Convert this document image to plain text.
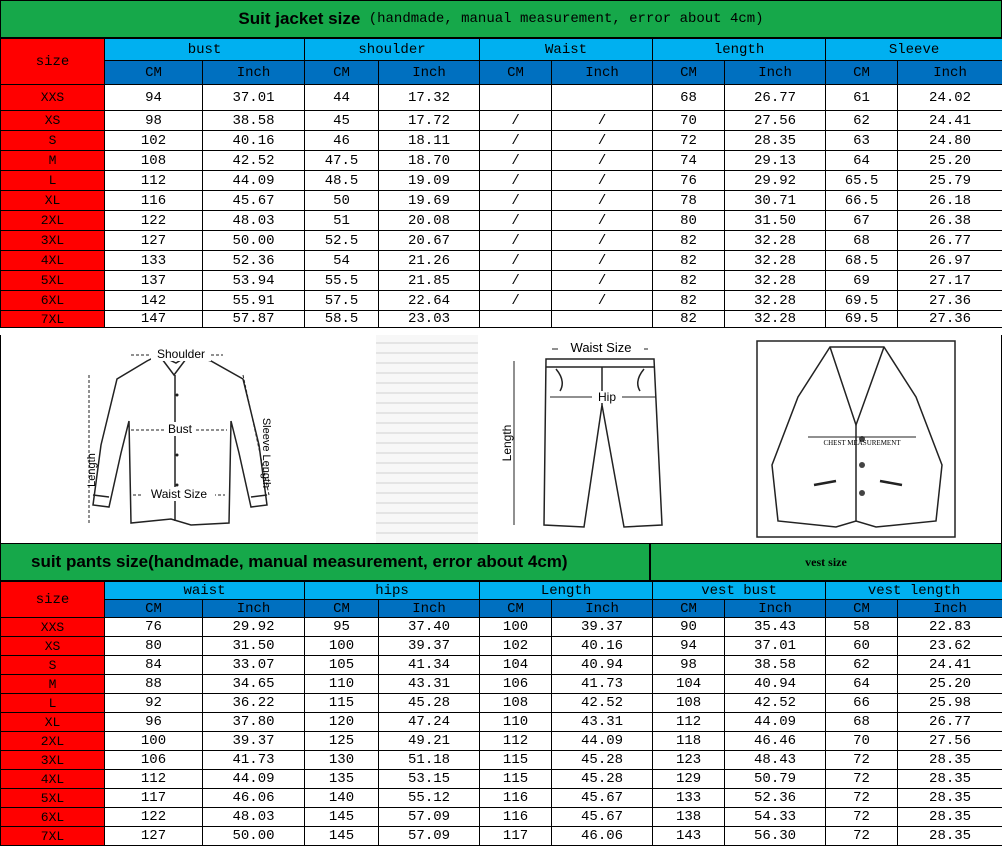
Suit jacket size (handmade, manual measurement, error about 4cm)
size	bust		shoulder		Waist		length		Sleeve	
	CM	Inch	CM	Inch	CM	Inch	CM	Inch	CM	Inch
XXS	94	37.01	44	17.32			68	26.77	61	24.02
XS	98	38.58	45	17.72	/	/	70	27.56	62	24.41
S	102	40.16	46	18.11	/	/	72	28.35	63	24.80
M	108	42.52	47.5	18.70	/	/	74	29.13	64	25.20
L	112	44.09	48.5	19.09	/	/	76	29.92	65.5	25.79
XL	116	45.67	50	19.69	/	/	78	30.71	66.5	26.18
2XL	122	48.03	51	20.08	/	/	80	31.50	67	26.38
3XL	127	50.00	52.5	20.67	/	/	82	32.28	68	26.77
4XL	133	52.36	54	21.26	/	/	82	32.28	68.5	26.97
5XL	137	53.94	55.5	21.85	/	/	82	32.28	69	27.17
6XL	142	55.91	57.5	22.64	/	/	82	32.28	69.5	27.36
7XL	147	57.87	58.5	23.03			82	32.28	69.5	27.36
Shoulder
Bust
Waist Size
Length	Sleeve Length
Waist Size
Hip
Length	CHEST MEASUREMENT
suit pants size(handmade, manual measurement, error about 4cm)	vest size
size	waist		hips		Length		vest bust		vest length	
	CM	Inch	CM	Inch	CM	Inch	CM	Inch	CM	Inch
XXS	76	29.92	95	37.40	100	39.37	90	35.43	58	22.83
XS	80	31.50	100	39.37	102	40.16	94	37.01	60	23.62
S	84	33.07	105	41.34	104	40.94	98	38.58	62	24.41
M	88	34.65	110	43.31	106	41.73	104	40.94	64	25.20
L	92	36.22	115	45.28	108	42.52	108	42.52	66	25.98
XL	96	37.80	120	47.24	110	43.31	112	44.09	68	26.77
2XL	100	39.37	125	49.21	112	44.09	118	46.46	70	27.56
3XL	106	41.73	130	51.18	115	45.28	123	48.43	72	28.35
4XL	112	44.09	135	53.15	115	45.28	129	50.79	72	28.35
5XL	117	46.06	140	55.12	116	45.67	133	52.36	72	28.35
6XL	122	48.03	145	57.09	116	45.67	138	54.33	72	28.35
7XL	127	50.00	145	57.09	117	46.06	143	56.30	72	28.35
